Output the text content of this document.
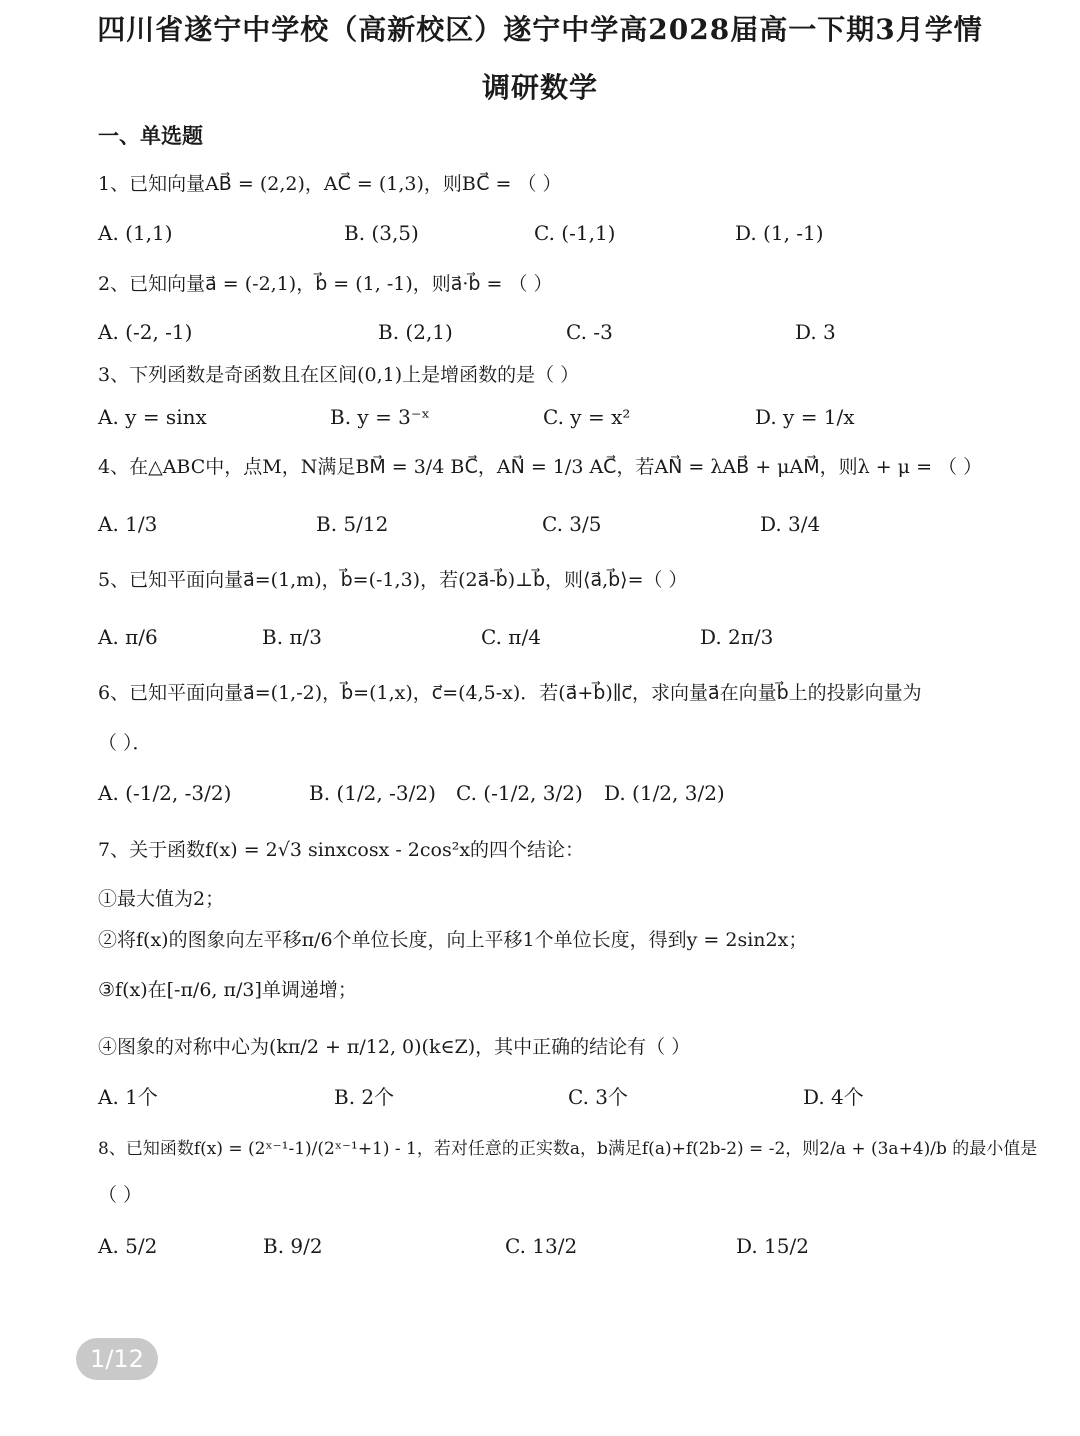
四川省遂宁中学校（高新校区）遂宁中学高2028届高一下期3月学情
调研数学
一、单选题
1、已知向量AB⃗ = (2,2)，AC⃗ = (1,3)，则BC⃗ = （ ）
A. (1,1)	B. (3,5)	C. (-1,1)	D. (1, -1)
2、已知向量a⃗ = (-2,1)，b⃗ = (1, -1)，则a⃗·b⃗ = （ ）
A. (-2, -1)	B. (2,1)	C. -3	D. 3
3、下列函数是奇函数且在区间(0,1)上是增函数的是（ ）
A. y = sinx	B. y = 3⁻ˣ	C. y = x²	D. y = 1/x
4、在△ABC中，点M，N满足BM⃗ = 3/4 BC⃗，AN⃗ = 1/3 AC⃗，若AN⃗ = λAB⃗ + μAM⃗，则λ + μ = （ ）
A. 1/3	B. 5/12	C. 3/5	D. 3/4
5、已知平面向量a⃗=(1,m)，b⃗=(-1,3)，若(2a⃗-b⃗)⊥b⃗，则⟨a⃗,b⃗⟩=（ ）
A. π/6	B. π/3	C. π/4	D. 2π/3
6、已知平面向量a⃗=(1,-2)，b⃗=(1,x)，c⃗=(4,5-x)．若(a⃗+b⃗)∥c⃗，求向量a⃗在向量b⃗上的投影向量为
（ ）．
A. (-1/2, -3/2)	B. (1/2, -3/2) C. (-1/2, 3/2) D. (1/2, 3/2)
7、关于函数f(x) = 2√3 sinxcosx - 2cos²x的四个结论：
①最大值为2；
②将f(x)的图象向左平移π/6个单位长度，向上平移1个单位长度，得到y = 2sin2x；
③f(x)在[-π/6, π/3]单调递增；
④图象的对称中心为(kπ/2 + π/12, 0)(k∈Z)，其中正确的结论有（ ）
A. 1个	B. 2个	C. 3个	D. 4个
8、已知函数f(x) = (2ˣ⁻¹-1)/(2ˣ⁻¹+1) - 1，若对任意的正实数a，b满足f(a)+f(2b-2) = -2，则2/a + (3a+4)/b 的最小值是
（ ）
A. 5/2	B. 9/2	C. 13/2	D. 15/2
1/12
